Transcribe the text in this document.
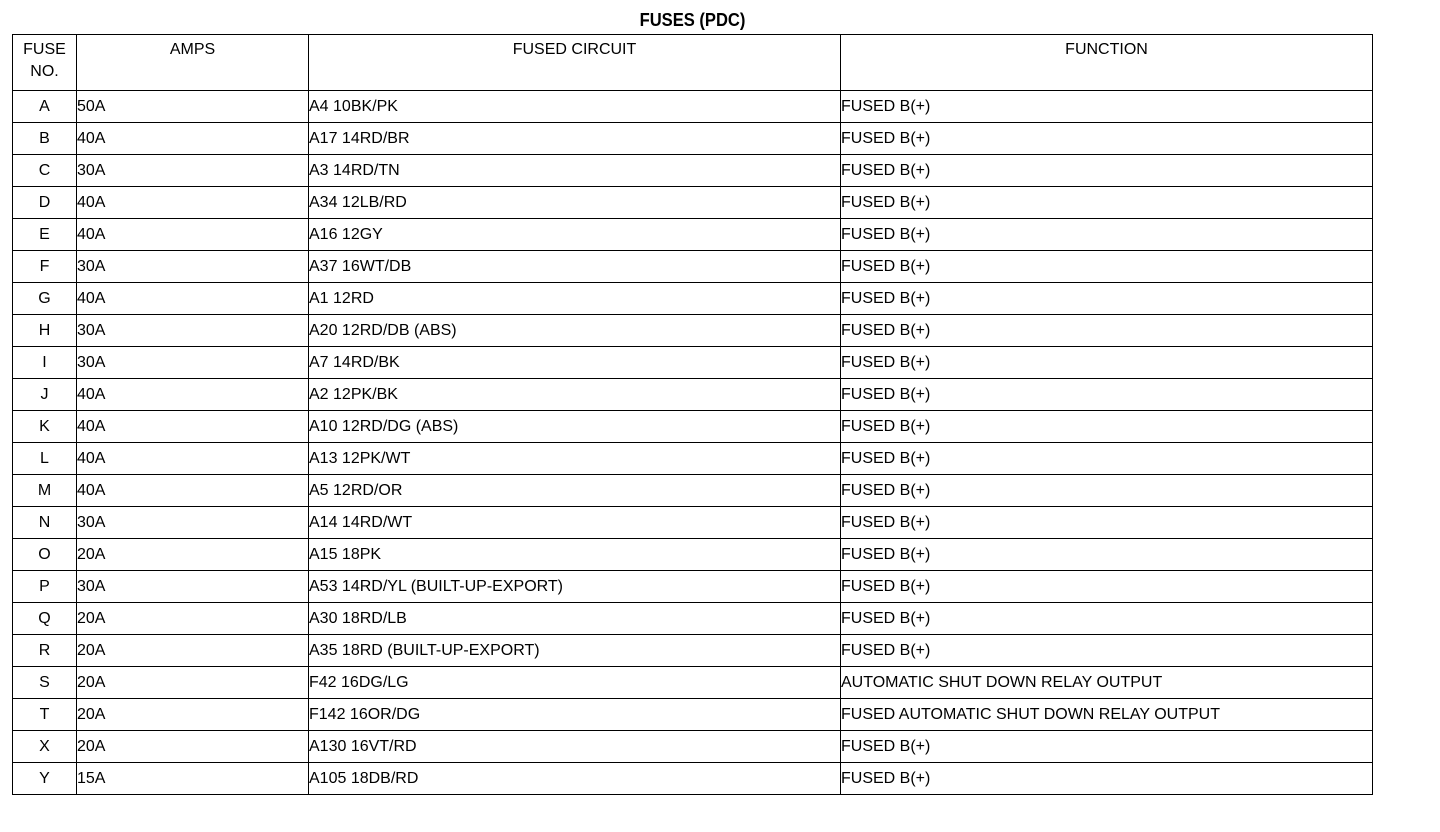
FUSES (PDC)
FUSE
NO.	AMPS	FUSED CIRCUIT	FUNCTION
A	50A	A4 10BK/PK	FUSED B(+)
B	40A	A17 14RD/BR	FUSED B(+)
C	30A	A3 14RD/TN	FUSED B(+)
D	40A	A34 12LB/RD	FUSED B(+)
E	40A	A16 12GY	FUSED B(+)
F	30A	A37 16WT/DB	FUSED B(+)
G	40A	A1 12RD	FUSED B(+)
H	30A	A20 12RD/DB (ABS)	FUSED B(+)
I	30A	A7 14RD/BK	FUSED B(+)
J	40A	A2 12PK/BK	FUSED B(+)
K	40A	A10 12RD/DG (ABS)	FUSED B(+)
L	40A	A13 12PK/WT	FUSED B(+)
M	40A	A5 12RD/OR	FUSED B(+)
N	30A	A14 14RD/WT	FUSED B(+)
O	20A	A15 18PK	FUSED B(+)
P	30A	A53 14RD/YL (BUILT-UP-EXPORT)	FUSED B(+)
Q	20A	A30 18RD/LB	FUSED B(+)
R	20A	A35 18RD (BUILT-UP-EXPORT)	FUSED B(+)
S	20A	F42 16DG/LG	AUTOMATIC SHUT DOWN RELAY OUTPUT
T	20A	F142 16OR/DG	FUSED AUTOMATIC SHUT DOWN RELAY OUTPUT
X	20A	A130 16VT/RD	FUSED B(+)
Y	15A	A105 18DB/RD	FUSED B(+)
